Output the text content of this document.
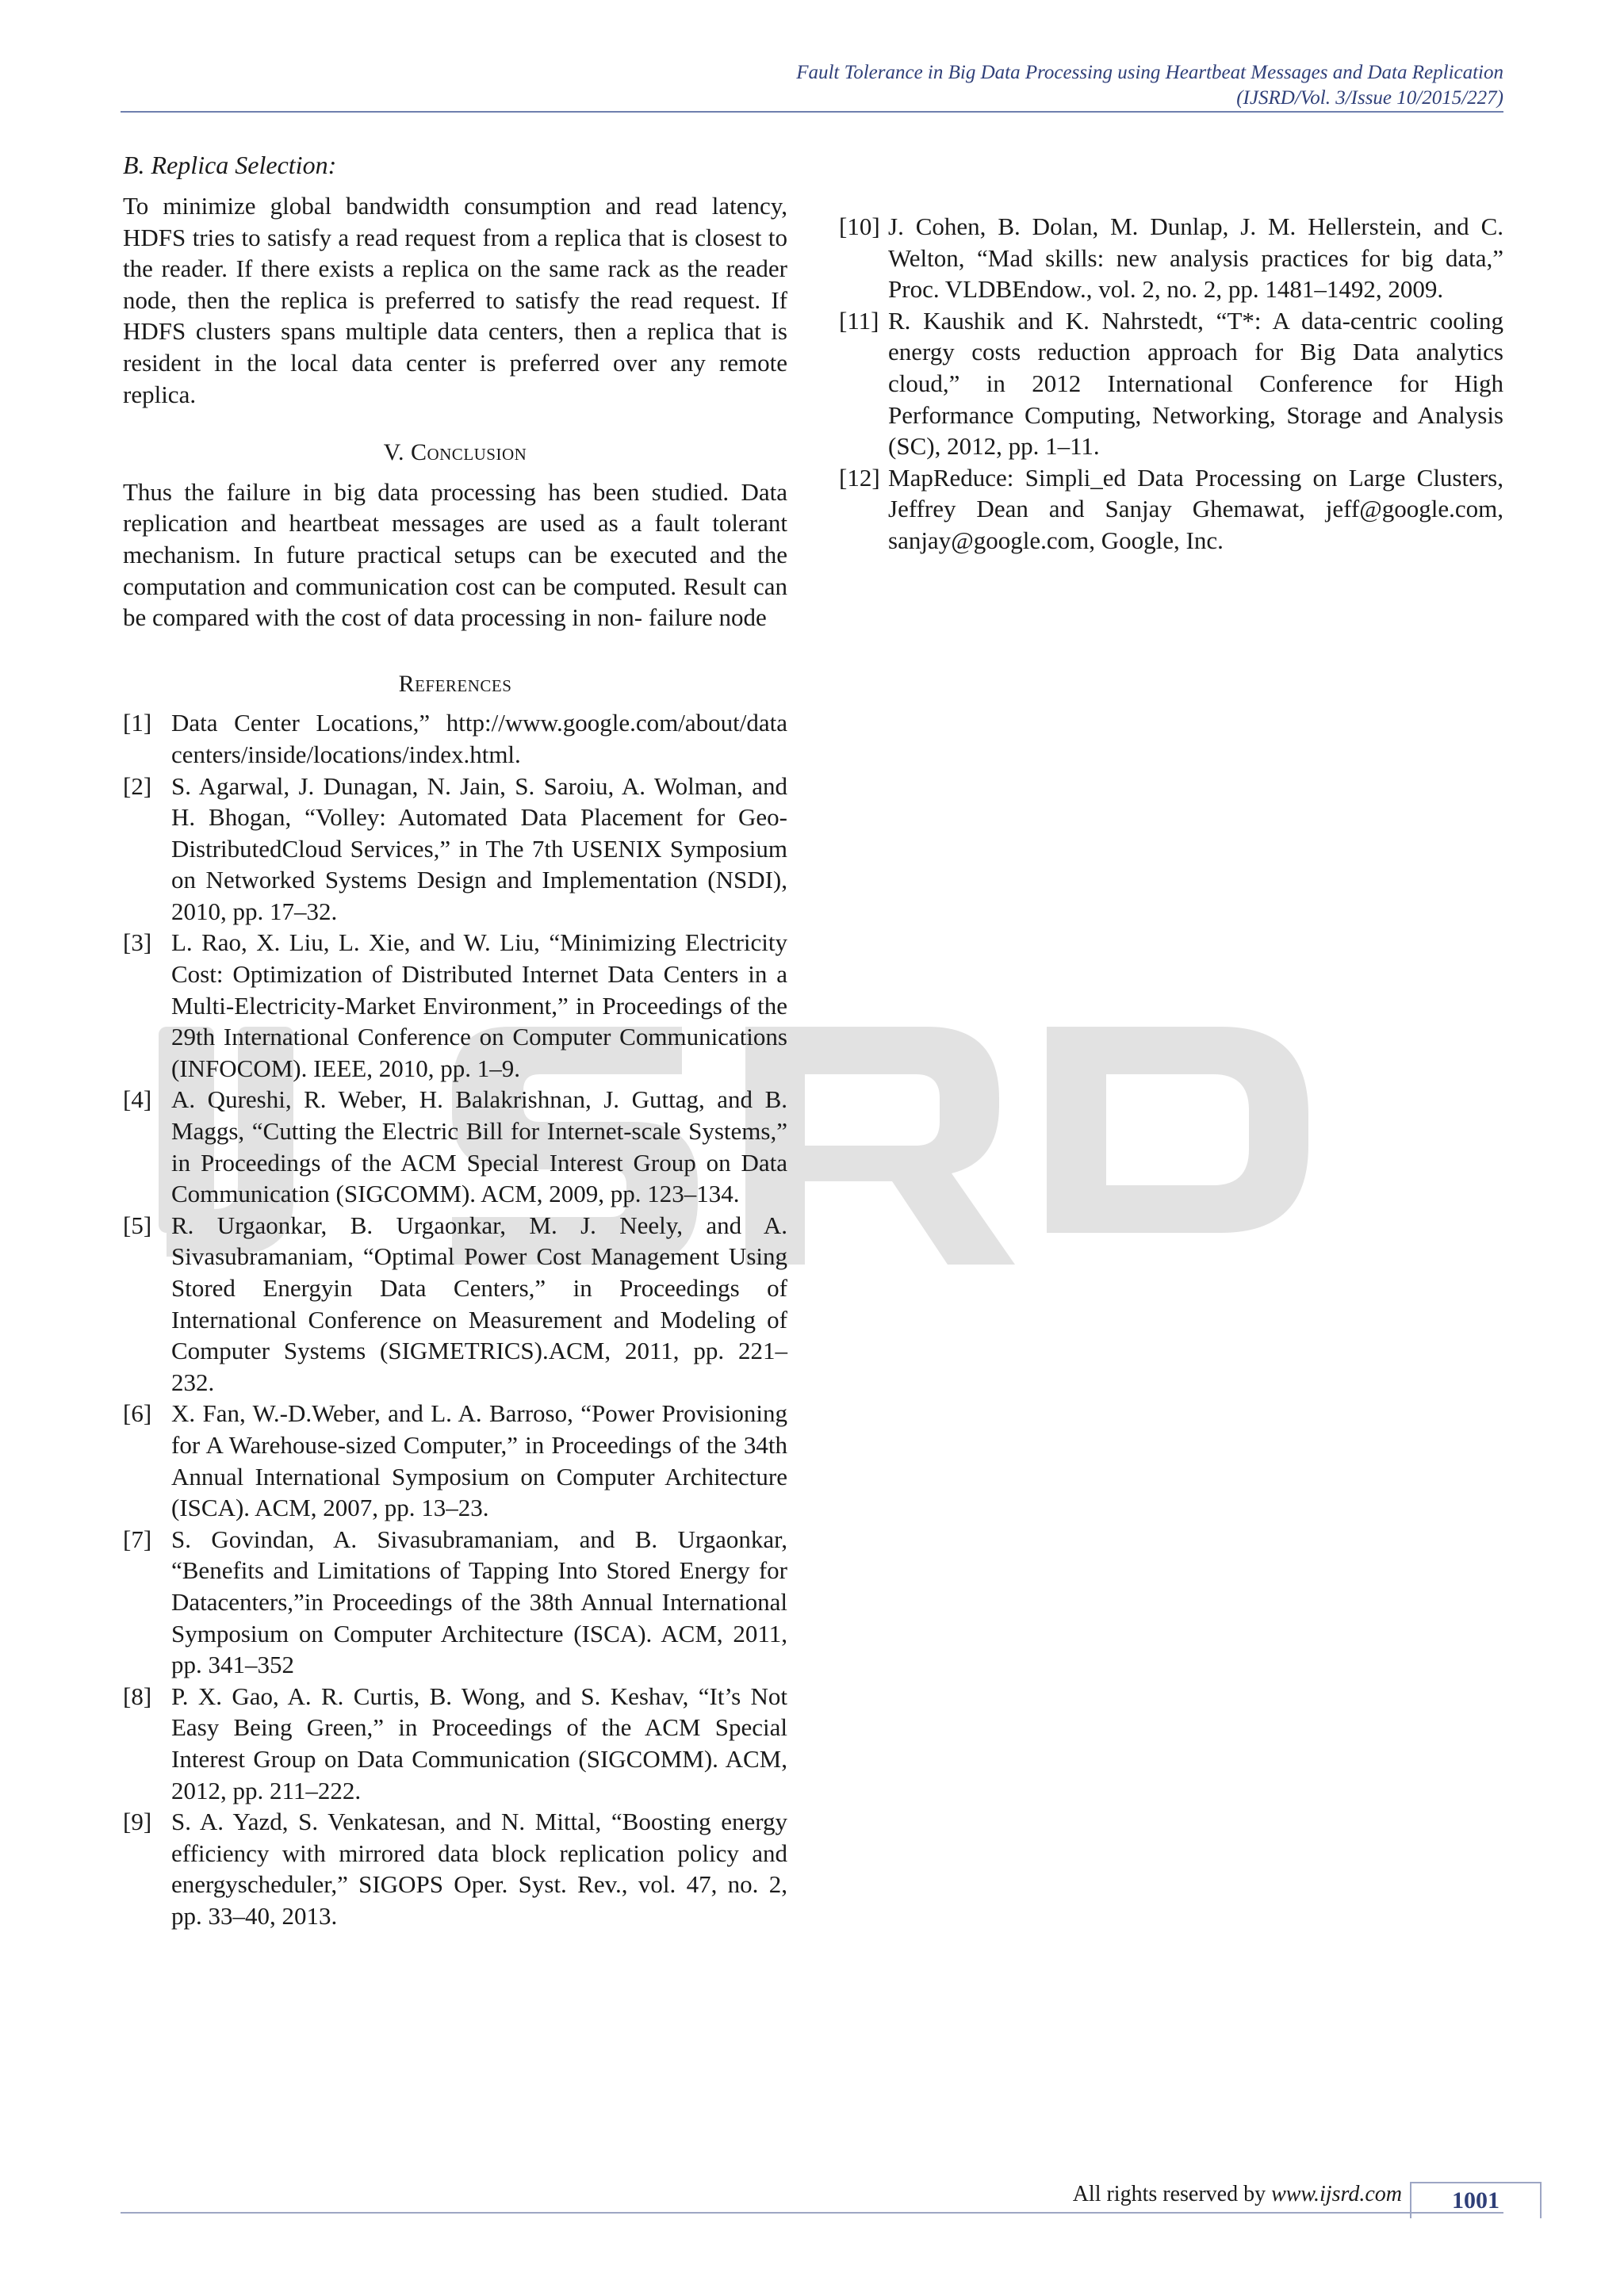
Fault Tolerance in Big Data Processing using Heartbeat Messages and Data Replication
(IJSRD/Vol. 3/Issue 10/2015/227)
B. Replica Selection:

To minimize global bandwidth consumption and read latency, HDFS tries to satisfy a read request from a replica that is closest to the reader. If there exists a replica on the same rack as the reader node, then the replica is preferred to satisfy the read request. If HDFS clusters spans multiple data centers, then a replica that is resident in the local data center is preferred over any remote replica.

V. Conclusion

Thus the failure in big data processing has been studied. Data replication and heartbeat messages are used as a fault tolerant mechanism. In future practical setups can be executed and the computation and communication cost can be computed. Result can be compared with the cost of data processing in non- failure node

References
[1] Data Center Locations,” http://www.google.com/about/data centers/inside/locations/index.html.
[2] S. Agarwal, J. Dunagan, N. Jain, S. Saroiu, A. Wolman, and H. Bhogan, “Volley: Automated Data Placement for Geo-DistributedCloud Services,” in The 7th USENIX Symposium on Networked Systems Design and Implementation (NSDI), 2010, pp. 17–32.
[3] L. Rao, X. Liu, L. Xie, and W. Liu, “Minimizing Electricity Cost: Optimization of Distributed Internet Data Centers in a Multi-Electricity-Market Environment,” in Proceedings of the 29th International Conference on Computer Communications (INFOCOM). IEEE, 2010, pp. 1–9.
[4] A. Qureshi, R. Weber, H. Balakrishnan, J. Guttag, and B. Maggs, “Cutting the Electric Bill for Internet-scale Systems,” in Proceedings of the ACM Special Interest Group on Data Communication (SIGCOMM). ACM, 2009, pp. 123–134.
[5] R. Urgaonkar, B. Urgaonkar, M. J. Neely, and A. Sivasubramaniam, “Optimal Power Cost Management Using Stored Energyin Data Centers,” in Proceedings of International Conference on Measurement and Modeling of Computer Systems (SIGMETRICS).ACM, 2011, pp. 221–232.
[6] X. Fan, W.-D.Weber, and L. A. Barroso, “Power Provisioning for A Warehouse-sized Computer,” in Proceedings of the 34th Annual International Symposium on Computer Architecture (ISCA). ACM, 2007, pp. 13–23.
[7] S. Govindan, A. Sivasubramaniam, and B. Urgaonkar, “Benefits and Limitations of Tapping Into Stored Energy for Datacenters,”in Proceedings of the 38th Annual International Symposium on Computer Architecture (ISCA). ACM, 2011, pp. 341–352
[8] P. X. Gao, A. R. Curtis, B. Wong, and S. Keshav, “It’s Not Easy Being Green,” in Proceedings of the ACM Special Interest Group on Data Communication (SIGCOMM). ACM, 2012, pp. 211–222.
[9] S. A. Yazd, S. Venkatesan, and N. Mittal, “Boosting energy efficiency with mirrored data block replication policy and energyscheduler,” SIGOPS Oper. Syst. Rev., vol. 47, no. 2, pp. 33–40, 2013.
[10] J. Cohen, B. Dolan, M. Dunlap, J. M. Hellerstein, and C. Welton, “Mad skills: new analysis practices for big data,” Proc. VLDBEndow., vol. 2, no. 2, pp. 1481–1492, 2009.
[11] R. Kaushik and K. Nahrstedt, “T*: A data-centric cooling energy costs reduction approach for Big Data analytics cloud,” in 2012 International Conference for High Performance Computing, Networking, Storage and Analysis (SC), 2012, pp. 1–11.
[12] MapReduce: Simpli_ed Data Processing on Large Clusters, Jeffrey Dean and Sanjay Ghemawat, jeff@google.com, sanjay@google.com, Google, Inc.
All rights reserved by www.ijsrd.com	1001
